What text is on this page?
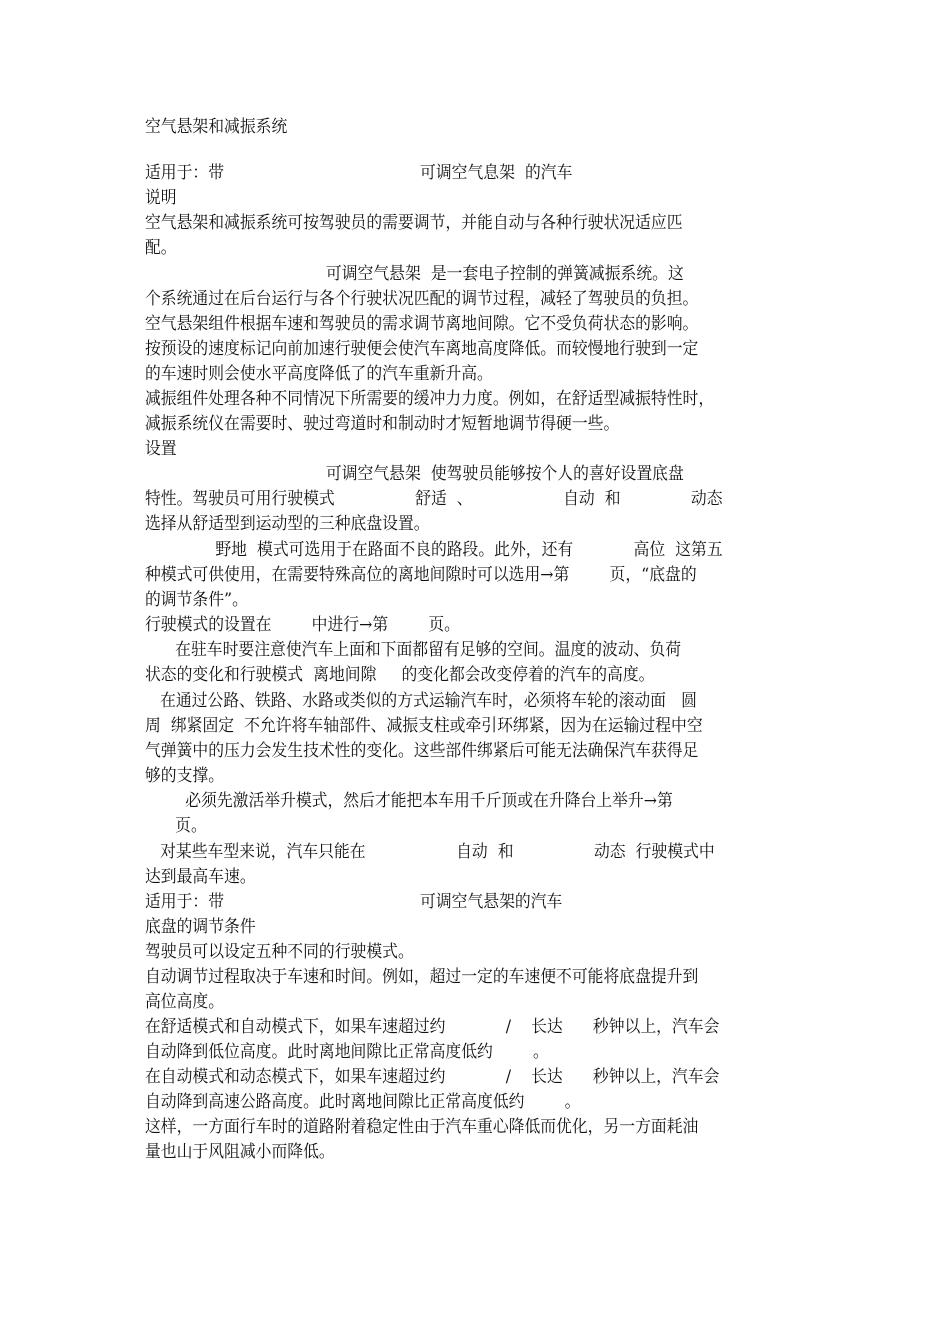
空气悬架和减振系统
适用于：带                                       可调空气息架  的汽车
说明
空气悬架和减振系统可按驾驶员的需要调节，并能自动与各种行驶状况适应匹
配。
可调空气悬架  是一套电子控制的弹簧减振系统。这
个系统通过在后台运行与各个行驶状况匹配的调节过程，减轻了驾驶员的负担。
空气悬架组件根据车速和驾驶员的需求调节离地间隙。它不受负荷状态的影响。
按预设的速度标记向前加速行驶便会使汽车离地高度降低。而较慢地行驶到一定
的车速时则会使水平高度降低了的汽车重新升高。
减振组件处理各种不同情况下所需要的缓冲力力度。例如，在舒适型减振特性时，
减振系统仪在需要时、驶过弯道时和制动时才短暂地调节得硬一些。
设置
可调空气悬架  使驾驶员能够按个人的喜好设置底盘
特性。驾驶员可用行驶模式                舒适  、                  自动  和              动态
选择从舒适型到运动型的三种底盘设置。
野地  模式可选用于在路面不良的路段。此外，还有            高位  这第五
种模式可供使用，在需要特殊高位的离地间隙时可以选用→第        页，“底盘的
的调节条件”。
行驶模式的设置在        中进行→第        页。
在驻车时要注意使汽车上面和下面都留有足够的空间。温度的波动、负荷
状态的变化和行驶模式  离地间隙     的变化都会改变停着的汽车的高度。
在通过公路、铁路、水路或类似的方式运输汽车时，必须将车轮的滚动面   圆
周  绑紧固定  不允许将车轴部件、减振支柱或牵引环绑紧，因为在运输过程中空
气弹簧中的压力会发生技术性的变化。这些部件绑紧后可能无法确保汽车获得足
够的支撑。
必须先激活举升模式，然后才能把本车用千斤顶或在升降台上举升→第
页。
对某些车型来说，汽车只能在                  自动  和                动态  行驶模式中
达到最高车速。
适用于：带                                       可调空气悬架的汽车
底盘的调节条件
驾驶员可以设定五种不同的行驶模式。
自动调节过程取决于车速和时间。例如，超过一定的车速便不可能将底盘提升到
高位高度。
在舒适模式和自动模式下，如果车速超过约            /    长达      秒钟以上，汽车会
自动降到低位高度。此时离地间隙比正常高度低约        。
在自动模式和动态模式下，如果车速超过约            /    长达      秒钟以上，汽车会
自动降到高速公路高度。此时离地间隙比正常高度低约        。
这样，一方面行车时的道路附着稳定性由于汽车重心降低而优化，另一方面耗油
量也山于风阻减小而降低。
